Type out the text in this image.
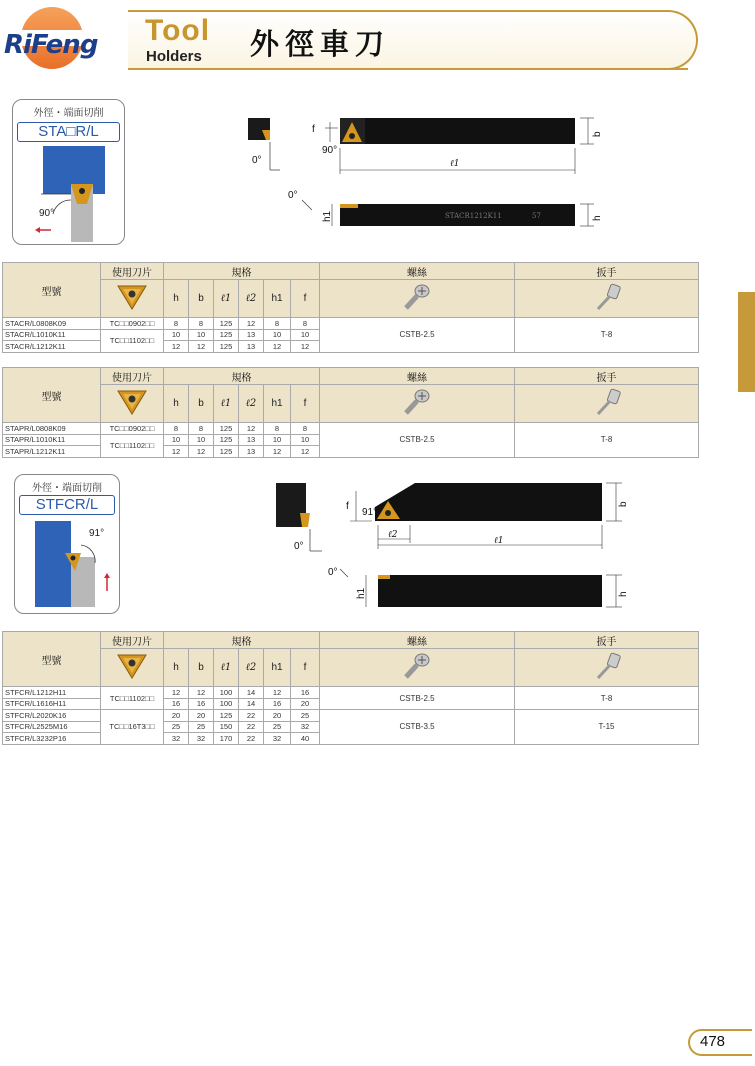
RiFeng Tool
Holders 外徑車刀
外徑・端面切削
STA□R/L
90°
0°
f
90°
b
ℓ1
0°
h1	h
STACR1212K11	57
型號	使用刀片	規格						螺絲	扳手
	h	b	ℓ1	ℓ2	h1	f		
STACR/L0808K09	TC□□0902□□	8	8	125	12	8	8	CSTB-2.5	T-8
STACR/L1010K11	TC□□1102□□	10	10	125	13	10	10		
STACR/L1212K11		12	12	125	13	12	12		
型號	使用刀片	規格						螺絲	扳手
	h	b	ℓ1	ℓ2	h1	f		
STAPR/L0808K09	TC□□0902□□	8	8	125	12	8	8	CSTB-2.5	T-8
STAPR/L1010K11	TC□□1102□□	10	10	125	13	10	10		
STAPR/L1212K11		12	12	125	13	12	12		
外徑・端面切削
STFCR/L
91°
0°
f
91°
b
ℓ2
ℓ1
0°
h1	h
型號	使用刀片	規格						螺絲	扳手
	h	b	ℓ1	ℓ2	h1	f		
STFCR/L1212H11	TC□□1102□□	12	12	100	14	12	16	CSTB-2.5	T-8
STFCR/L1616H11		16	16	100	14	16	20		
STFCR/L2020K16	TC□□16T3□□	20	20	125	22	20	25	CSTB-3.5	T-15
STFCR/L2525M16		25	25	150	22	25	32		
STFCR/L3232P16		32	32	170	22	32	40		
478
